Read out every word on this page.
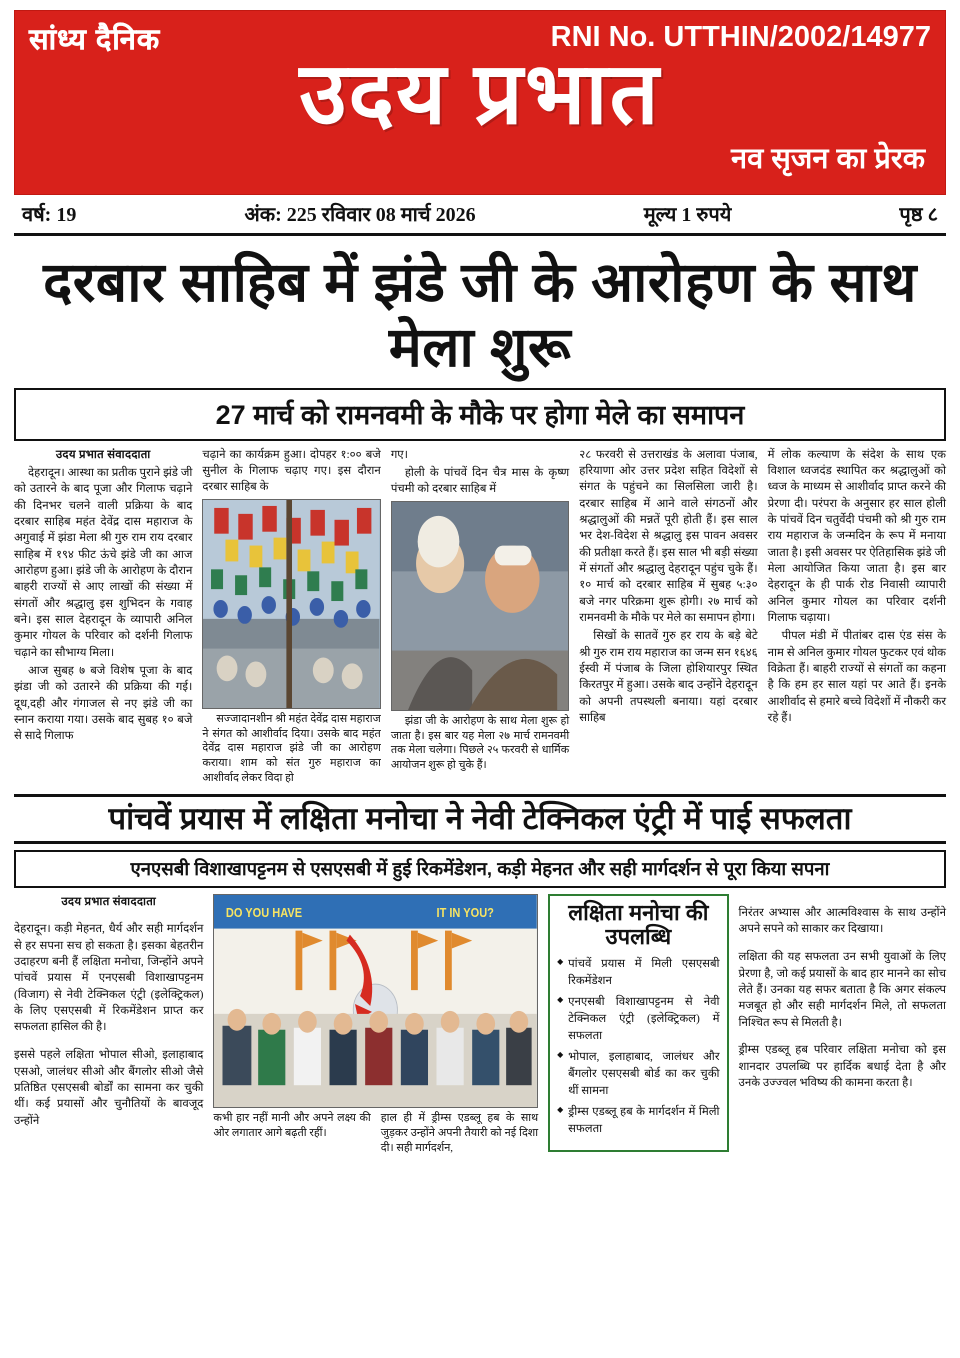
सांध्य दैनिक	RNI No. UTTHIN/2002/14977
उदय प्रभात
नव सृजन का प्रेरक
वर्ष: 19	अंक: 225 रविवार 08 मार्च 2026	मूल्य 1 रुपये	पृष्ठ ८
दरबार साहिब में झंडे जी के आरोहण के साथ मेला शुरू
27 मार्च को रामनवमी के मौके पर होगा मेले का समापन
उदय प्रभात संवाददाता

देहरादून। आस्था का प्रतीक पुराने झंडे जी को उतारने के बाद पूजा और गिलाफ चढ़ाने की दिनभर चलने वाली प्रक्रिया के बाद दरबार साहिब महंत देवेंद्र दास महाराज के अगुवाई में झंडा मेला श्री गुरु राम राय दरबार साहिब में १९४ फीट ऊंचे झंडे जी का आज आरोहण हुआ। झंडे जी के आरोहण के दौरान बाहरी राज्यों से आए लाखों की संख्या में संगतों और श्रद्धालु इस शुभिदन के गवाह बने। इस साल देहरादून के व्यापारी अनिल कुमार गोयल के परिवार को दर्शनी गिलाफ चढ़ाने का सौभाग्य मिला।

आज सुबह ७ बजे विशेष पूजा के बाद झंडा जी को उतारने की प्रक्रिया की गई। दूध,दही और गंगाजल से नए झंडे जी का स्नान कराया गया। उसके बाद सुबह १० बजे से सादे गिलाफ

चढ़ाने का कार्यक्रम हुआ। दोपहर १:०० बजे सुनील के गिलाफ चढ़ाए गए। इस दौरान दरबार साहिब के

सज्जादानशीन श्री महंत देवेंद्र दास महाराज ने संगत को आशीर्वाद दिया। उसके बाद महंत देवेंद्र दास महाराज झंडे जी का आरोहण कराया। शाम को संत गुरु महाराज का आशीर्वाद लेकर विदा हो

गए।

होली के पांचवें दिन चैत्र मास के कृष्ण पंचमी को दरबार साहिब में

झंडा जी के आरोहण के साथ मेला शुरू हो जाता है। इस बार यह मेला २७ मार्च रामनवमी तक मेला चलेगा। पिछले २५ फरवरी से धार्मिक आयोजन शुरू हो चुके हैं।

२८ फरवरी से उत्तराखंड के अलावा पंजाब, हरियाणा ओर उत्तर प्रदेश सहित विदेशों से संगत के पहुंचने का सिलसिला जारी है। दरबार साहिब में आने वाले संगठनों और श्रद्धालुओं की मन्नतें पूरी होती हैं। इस साल भर देश-विदेश से श्रद्धालु इस पावन अवसर की प्रतीक्षा करते हैं। इस साल भी बड़ी संख्या में संगतों और श्रद्धालु देहरादून पहुंच चुके हैं। १० मार्च को दरबार साहिब में सुबह ५:३० बजे नगर परिक्रमा शुरू होगी। २७ मार्च को रामनवमी के मौके पर मेले का समापन होगा।

सिखों के सातवें गुरु हर राय के बड़े बेटे श्री गुरु राम राय महाराज का जन्म सन १६४६ ईस्वी में पंजाब के जिला होशियारपुर स्थित किरतपुर में हुआ। उसके बाद उन्होंने देहरादून को अपनी तपस्थली बनाया। यहां दरबार साहिब

में लोक कल्याण के संदेश के साथ एक विशाल ध्वजदंड स्थापित कर श्रद्धालुओं को ध्वज के माध्यम से आशीर्वाद प्राप्त करने की प्रेरणा दी। परंपरा के अनुसार हर साल होली के पांचवें दिन चतुर्वेदी पंचमी को श्री गुरु राम राय महाराज के जन्मदिन के रूप में मनाया जाता है। इसी अवसर पर ऐतिहासिक झंडे जी मेला आयोजित किया जाता है। इस बार देहरादून के ही पार्क रोड निवासी व्यापारी अनिल कुमार गोयल का परिवार दर्शनी गिलाफ चढ़ाया।

पीपल मंडी में पीतांबर दास एंड संस के नाम से अनिल कुमार गोयल फुटकर एवं थोक विक्रेता हैं। बाहरी राज्यों से संगतों का कहना है कि हम हर साल यहां पर आते हैं। इनके आशीर्वाद से हमारे बच्चे विदेशों में नौकरी कर रहे हैं।

पांचवें प्रयास में लक्षिता मनोचा ने नेवी टेक्निकल एंट्री में पाई सफलता
एनएसबी विशाखापट्टनम से एसएसबी में हुई रिकमेंडेशन, कड़ी मेहनत और सही मार्गदर्शन से पूरा किया सपना
उदय प्रभात संवाददाता

देहरादून। कड़ी मेहनत, धैर्य और सही मार्गदर्शन से हर सपना सच हो सकता है। इसका बेहतरीन उदाहरण बनी हैं लक्षिता मनोचा, जिन्होंने अपने पांचवें प्रयास में एनएसबी विशाखापट्टनम (विजाग) से नेवी टेक्निकल एंट्री (इलेक्ट्रिकल) के लिए एसएसबी में रिकमेंडेशन प्राप्त कर सफलता हासिल की है।

इससे पहले लक्षिता भोपाल सीओ, इलाहाबाद एसओ, जालंधर सीओ और बैंगलोर सीओ जैसे प्रतिष्ठित एसएसबी बोर्डों का सामना कर चुकी थीं। कई प्रयासों और चुनौतियों के बावजूद उन्होंने

DO YOU HAVE	IT IN YOU?
कभी हार नहीं मानी और अपने लक्ष्य की ओर लगातार आगे बढ़ती रहीं।
हाल ही में ड्रीम्स एडब्लू हब के साथ जुड़कर उन्होंने अपनी तैयारी को नई दिशा दी। सही मार्गदर्शन,
लक्षिता मनोचा की उपलब्धि
◆ पांचवें प्रयास में मिली एसएसबी रिकमेंडेशन
◆ एनएसबी विशाखापट्टनम से नेवी टेक्निकल एंट्री (इलेक्ट्रिकल) में सफलता
◆ भोपाल, इलाहाबाद, जालंधर और बैंगलोर एसएसबी बोर्ड का कर चुकी थीं सामना
◆ ड्रीम्स एडब्लू हब के मार्गदर्शन में मिली सफलता

निरंतर अभ्यास और आत्मविश्वास के साथ उन्होंने अपने सपने को साकार कर दिखाया।

लक्षिता की यह सफलता उन सभी युवाओं के लिए प्रेरणा है, जो कई प्रयासों के बाद हार मानने का सोच लेते हैं। उनका यह सफर बताता है कि अगर संकल्प मजबूत हो और सही मार्गदर्शन मिले, तो सफलता निश्चित रूप से मिलती है।

ड्रीम्स एडब्लू हब परिवार लक्षिता मनोचा को इस शानदार उपलब्धि पर हार्दिक बधाई देता है और उनके उज्ज्वल भविष्य की कामना करता है।
